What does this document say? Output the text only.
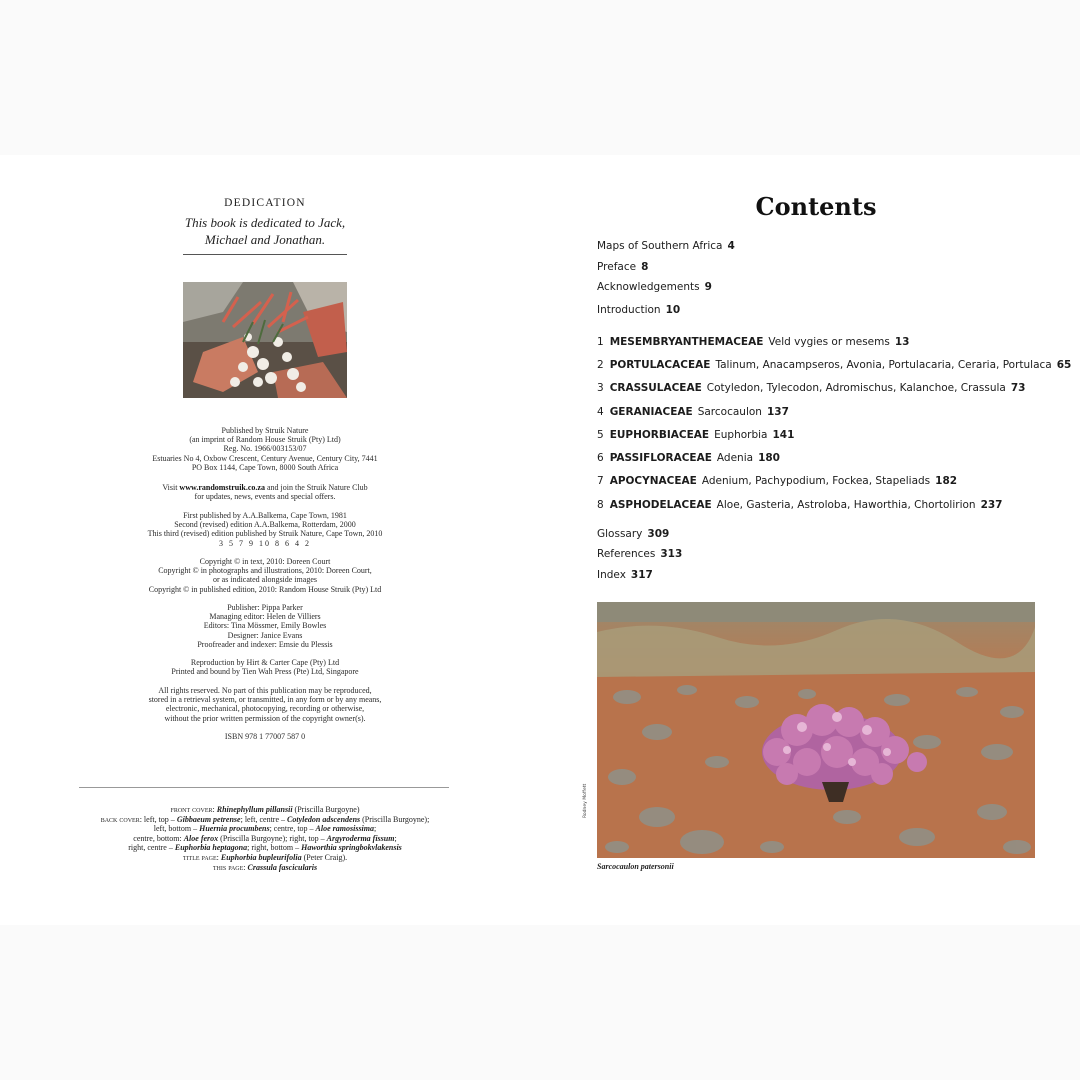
DEDICATION
This book is dedicated to Jack,
Michael and Jonathan.

Published by Struik Nature

(an imprint of Random House Struik (Pty) Ltd)

Reg. No. 1966/003153/07

Estuaries No 4, Oxbow Crescent, Century Avenue, Century City, 7441

PO Box 1144, Cape Town, 8000 South Africa

Visit www.randomstruik.co.za and join the Struik Nature Club

for updates, news, events and special offers.

First published by A.A.Balkema, Cape Town, 1981

Second (revised) edition A.A.Balkema, Rotterdam, 2000

This third (revised) edition published by Struik Nature, Cape Town, 2010

3 5 7 9 10 8 6 4 2

Copyright © in text, 2010: Doreen Court

Copyright © in photographs and illustrations, 2010: Doreen Court,

or as indicated alongside images

Copyright © in published edition, 2010: Random House Struik (Pty) Ltd

Publisher: Pippa Parker

Managing editor: Helen de Villiers

Editors: Tina Mössmer, Emily Bowles

Designer: Janice Evans

Proofreader and indexer: Emsie du Plessis

Reproduction by Hirt & Carter Cape (Pty) Ltd

Printed and bound by Tien Wah Press (Pte) Ltd, Singapore

All rights reserved. No part of this publication may be reproduced,

stored in a retrieval system, or transmitted, in any form or by any means,

electronic, mechanical, photocopying, recording or otherwise,

without the prior written permission of the copyright owner(s).

ISBN 978 1 77007 587 0

front cover: Rhinephyllum pillansii (Priscilla Burgoyne)

back cover: left, top – Gibbaeum petrense; left, centre – Cotyledon adscendens (Priscilla Burgoyne);

left, bottom – Huernia procumbens; centre, top – Aloe ramosissima;

centre, bottom: Aloe ferox (Priscilla Burgoyne); right, top – Argyroderma fissum;

right, centre – Euphorbia heptagona; right, bottom – Haworthia springbokvlakensis

title page: Euphorbia bupleurifolia (Peter Craig).

this page: Crassula fascicularis

Contents
Maps of Southern Africa 4
Preface 8
Acknowledgements 9
Introduction 10
1 MESEMBRYANTHEMACEAE Veld vygies or mesems 13
2 PORTULACACEAE Talinum, Anacampseros, Avonia, Portulacaria, Ceraria, Portulaca 65
3 CRASSULACEAE Cotyledon, Tylecodon, Adromischus, Kalanchoe, Crassula 73
4 GERANIACEAE Sarcocaulon 137
5 EUPHORBIACEAE Euphorbia 141
6 PASSIFLORACEAE Adenia 180
7 APOCYNACEAE Adenium, Pachypodium, Fockea, Stapeliads 182
8 ASPHODELACEAE Aloe, Gasteria, Astroloba, Haworthia, Chortolirion 237
Glossary 309
References 313
Index 317
Rodney Moffett
Sarcocaulon patersonii
